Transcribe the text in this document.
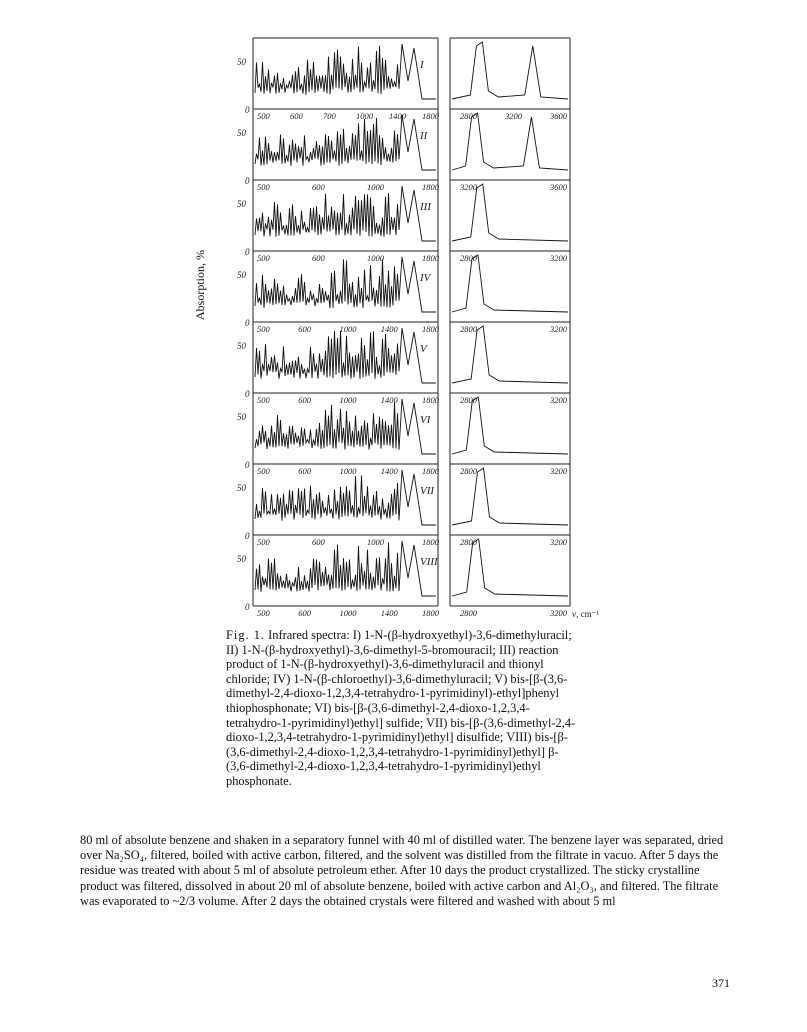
50
0
I
500 600 700 1000 1400 1800 2800	3200	3600
50
0
II
500	600	1000	1800 3200	3600
50
0
III
500	600	1000	1800 2800	3200
50
0
IV
500	600	1000	1400	1800 2800	3200
50
0
V
500	600	1000	1400	1800 2800	3200
50
0
VI
500	600	1000	1400	1800 2800	3200
50
0
VII
500	600	1000	1800 2800	3200
50
0
VIII
500	600	1000	1400	1800 2800	3200 ν, cm⁻¹
Absorption, %
Fig. 1. Infrared spectra: I) 1-N-(β-hydroxyethyl)-3,6-dimethyluracil; II) 1-N-(β-hydroxyethyl)-3,6-dimethyl-5-bromouracil; III) reaction product of 1-N-(β-hydroxyethyl)-3,6-dimethyluracil and thionyl chloride; IV) 1-N-(β-chloroethyl)-3,6-dimethyluracil; V) bis-[β-(3,6-dimethyl-2,4-dioxo-1,2,3,4-tetrahydro-1-pyrimidinyl)-ethyl]phenyl thiophosphonate; VI) bis-[β-(3,6-dimethyl-2,4-dioxo-1,2,3,4-tetrahydro-1-pyrimidinyl)ethyl] sulfide; VII) bis-[β-(3,6-dimethyl-2,4-dioxo-1,2,3,4-tetrahydro-1-pyrimidinyl)ethyl] disulfide; VIII) bis-[β-(3,6-dimethyl-2,4-dioxo-1,2,3,4-tetrahydro-1-pyrimidinyl)ethyl] β-(3,6-dimethyl-2,4-dioxo-1,2,3,4-tetrahydro-1-pyrimidinyl)ethyl phosphonate.
80 ml of absolute benzene and shaken in a separatory funnel with 40 ml of distilled water. The benzene layer was separated, dried over Na₂SO₄, filtered, boiled with active carbon, filtered, and the solvent was distilled from the filtrate in vacuo. After 5 days the residue was treated with about 5 ml of absolute petroleum ether. After 10 days the product crystallized. The sticky crystalline product was filtered, dissolved in about 20 ml of absolute benzene, boiled with active carbon and Al₂O₃, and filtered. The filtrate was evaporated to ~2/3 volume. After 2 days the obtained crystals were filtered and washed with about 5 ml
371
